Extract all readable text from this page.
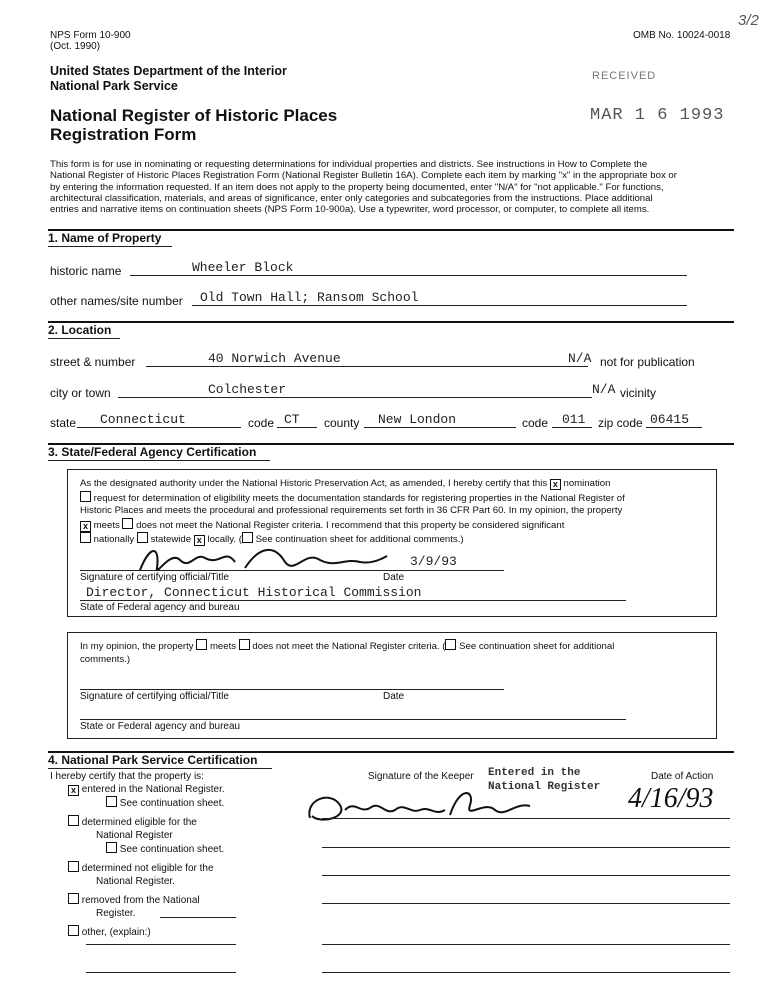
NPS Form 10-900
(Oct. 1990)
OMB No. 10024-0018
3/2
United States Department of the Interior
National Park Service
National Register of Historic Places
Registration Form
RECEIVED
MAR 1 6 1993
This form is for use in nominating or requesting determinations for individual properties and districts. See instructions in How to Complete the
National Register of Historic Places Registration Form (National Register Bulletin 16A). Complete each item by marking "x" in the appropriate box or
by entering the information requested. If an item does not apply to the property being documented, enter "N/A" for "not applicable." For functions,
architectural classification, materials, and areas of significance, enter only categories and subcategories from the instructions. Place additional
entries and narrative items on continuation sheets (NPS Form 10-900a). Use a typewriter, word processor, or computer, to complete all items.
1. Name of Property
historic name	Wheeler Block
other names/site number Old Town Hall; Ransom School
2. Location
street & number	40 Norwich Avenue	N/A not for publication
city or town	Colchester	N/A vicinity
state Connecticut	code CT county New London	code 011 zip code 06415
3. State/Federal Agency Certification
As the designated authority under the National Historic Preservation Act, as amended, I hereby certify that this x nomination
request for determination of eligibility meets the documentation standards for registering properties in the National Register of
Historic Places and meets the procedural and professional requirements set forth in 36 CFR Part 60. In my opinion, the property
x meets does not meet the National Register criteria. I recommend that this property be considered significant
nationally statewide x locally. ( See continuation sheet for additional comments.)
3/9/93
Signature of certifying official/Title	Date
Director, Connecticut Historical Commission
State of Federal agency and bureau
In my opinion, the property meets does not meet the National Register criteria. ( See continuation sheet for additional
comments.)
Signature of certifying official/Title	Date
State or Federal agency and bureau
4. National Park Service Certification
I hereby certify that the property is:	Signature of the Keeper	Date of Action
Entered in the
National Register 4/16/93
x entered in the National Register.
See continuation sheet.
determined eligible for the
National Register
See continuation sheet.
determined not eligible for the
National Register.
removed from the National
Register.
other, (explain:)
